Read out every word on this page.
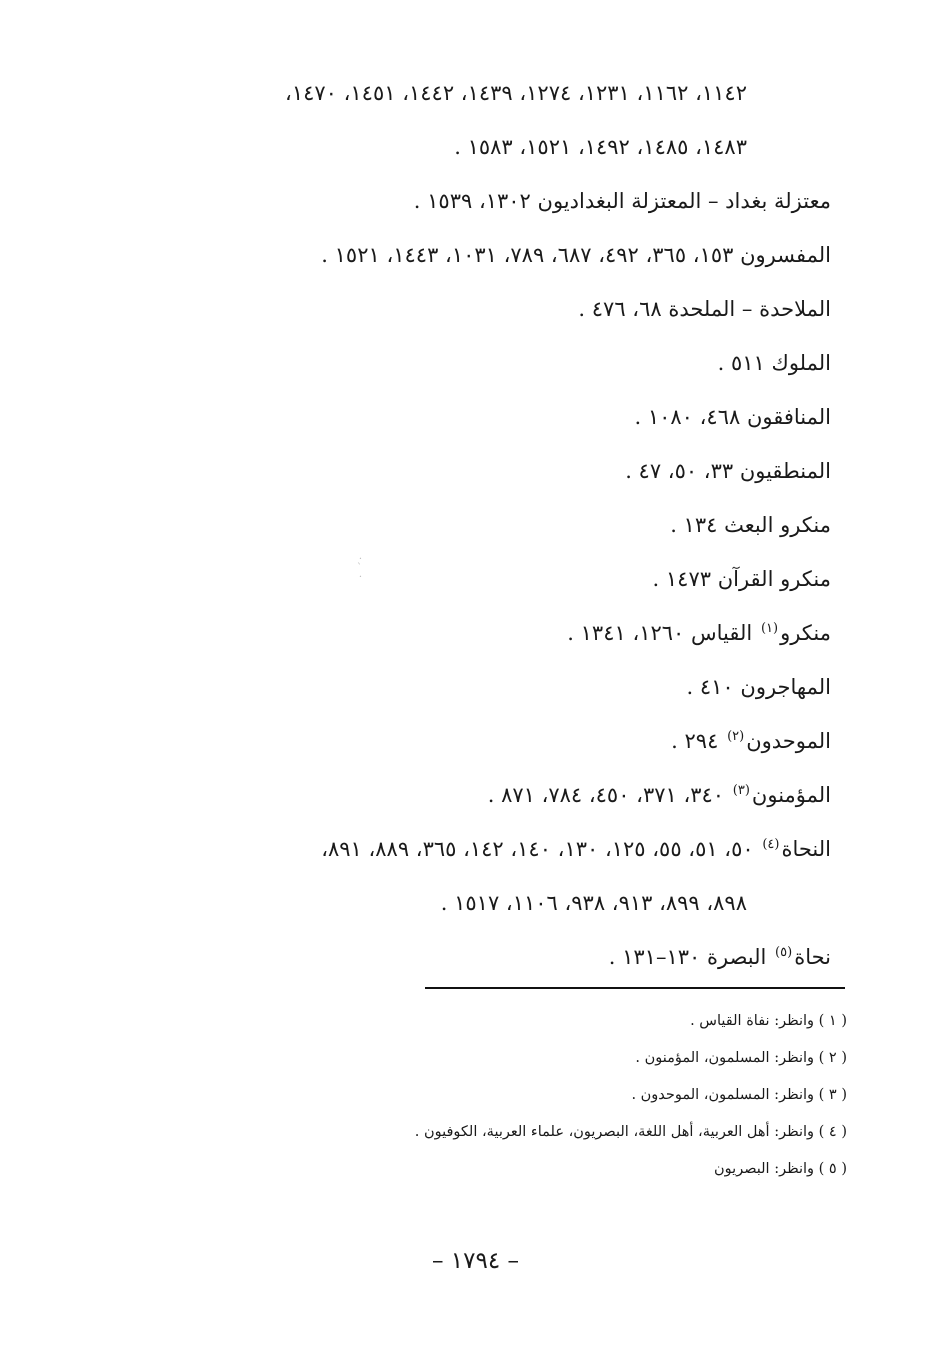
١١٤٢، ١١٦٢، ١٢٣١، ١٢٧٤، ١٤٣٩، ١٤٤٢، ١٤٥١، ١٤٧٠،
١٤٨٣، ١٤٨٥، ١٤٩٢، ١٥٢١، ١٥٨٣ .
معتزلة بغداد – المعتزلة البغداديون ١٣٠٢، ١٥٣٩ .
المفسرون ١٥٣، ٣٦٥، ٤٩٢، ٦٨٧، ٧٨٩، ١٠٣١، ١٤٤٣، ١٥٢١ .
الملاحدة – الملحدة ٦٨، ٤٧٦ .
الملوك ٥١١ .
المنافقون ٤٦٨، ١٠٨٠ .
المنطقيون ٣٣، ٥٠، ٤٧ .
منكرو البعث ١٣٤ .
منكرو القرآن ١٤٧٣ .
منكرو$^{(١)}$ القياس ١٢٦٠، ١٣٤١ .
المهاجرون ٤١٠ .
الموحدون$^{(٢)}$ ٢٩٤ .
المؤمنون$^{(٣)}$ ٣٤٠، ٣٧١، ٤٥٠، ٧٨٤، ٨٧١ .
النحاة$^{(٤)}$ ٥٠، ٥١، ٥٥، ١٢٥، ١٣٠، ١٤٠، ١٤٢، ٣٦٥، ٨٨٩، ٨٩١،
٨٩٨، ٨٩٩، ٩١٣، ٩٣٨، ١١٠٦، ١٥١٧ .
نحاة$^{(٥)}$ البصرة ١٣٠–١٣١ .
·
ˋ
·
( ١ ) وانظر: نفاة القياس .
( ٢ ) وانظر: المسلمون، المؤمنون .
( ٣ ) وانظر: المسلمون، الموحدون .
( ٤ ) وانظر: أهل العربية، أهل اللغة، البصريون، علماء العربية، الكوفيون .
( ٥ ) وانظر: البصريون
– ١٧٩٤ –
